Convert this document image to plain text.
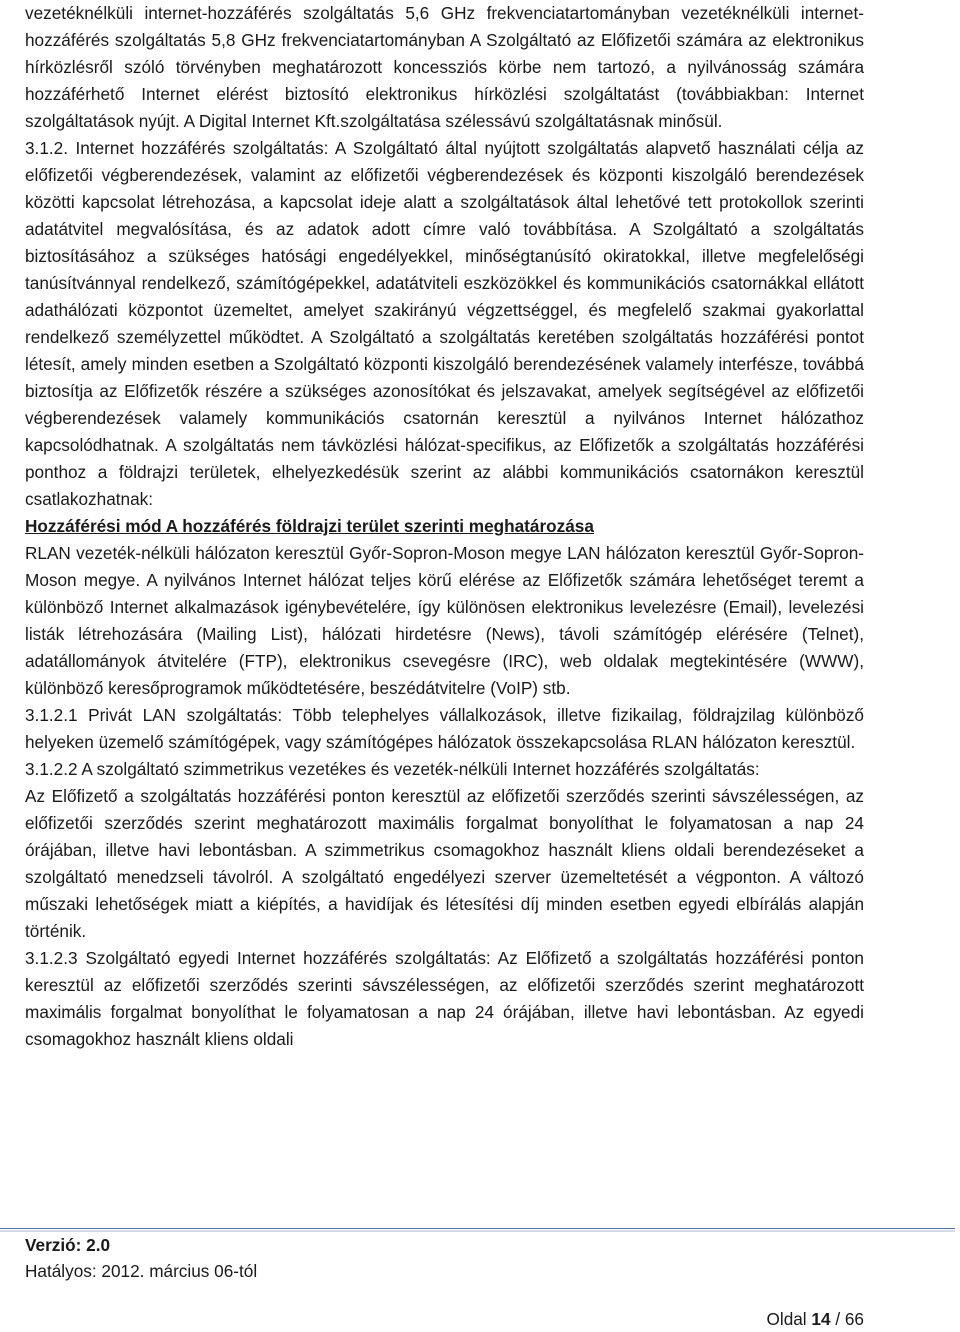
vezetéknélküli internet-hozzáférés szolgáltatás 5,6 GHz frekvenciatartományban vezetéknélküli internet-hozzáférés szolgáltatás 5,8 GHz frekvenciatartományban A Szolgáltató az Előfizetői számára az elektronikus hírközlésről szóló törvényben meghatározott koncessziós körbe nem tartozó, a nyilvánosság számára hozzáférhető Internet elérést biztosító elektronikus hírközlési szolgáltatást (továbbiakban: Internet szolgáltatások nyújt. A Digital Internet Kft.szolgáltatása szélessávú szolgáltatásnak minősül.

3.1.2. Internet hozzáférés szolgáltatás: A Szolgáltató által nyújtott szolgáltatás alapvető használati célja az előfizetői végberendezések, valamint az előfizetői végberendezések és központi kiszolgáló berendezések közötti kapcsolat létrehozása, a kapcsolat ideje alatt a szolgáltatások által lehetővé tett protokollok szerinti adatátvitel megvalósítása, és az adatok adott címre való továbbítása. A Szolgáltató a szolgáltatás biztosításához a szükséges hatósági engedélyekkel, minőségtanúsító okiratokkal, illetve megfelelőségi tanúsítvánnyal rendelkező, számítógépekkel, adatátviteli eszközökkel és kommunikációs csatornákkal ellátott adathálózati központot üzemeltet, amelyet szakirányú végzettséggel, és megfelelő szakmai gyakorlattal rendelkező személyzettel működtet. A Szolgáltató a szolgáltatás keretében szolgáltatás hozzáférési pontot létesít, amely minden esetben a Szolgáltató központi kiszolgáló berendezésének valamely interfésze, továbbá biztosítja az Előfizetők részére a szükséges azonosítókat és jelszavakat, amelyek segítségével az előfizetői végberendezések valamely kommunikációs csatornán keresztül a nyilvános Internet hálózathoz kapcsolódhatnak. A szolgáltatás nem távközlési hálózat-specifikus, az Előfizetők a szolgáltatás hozzáférési ponthoz a földrajzi területek, elhelyezkedésük szerint az alábbi kommunikációs csatornákon keresztül csatlakozhatnak:

Hozzáférési mód A hozzáférés földrajzi terület szerinti meghatározása

RLAN vezeték-nélküli hálózaton keresztül Győr-Sopron-Moson megye LAN hálózaton keresztül Győr-Sopron-Moson megye. A nyilvános Internet hálózat teljes körű elérése az Előfizetők számára lehetőséget teremt a különböző Internet alkalmazások igénybevételére, így különösen elektronikus levelezésre (Email), levelezési listák létrehozására (Mailing List), hálózati hirdetésre (News), távoli számítógép elérésére (Telnet), adatállományok átvitelére (FTP), elektronikus csevegésre (IRC), web oldalak megtekintésére (WWW), különböző keresőprogramok működtetésére, beszédátvitelre (VoIP) stb.

3.1.2.1 Privát LAN szolgáltatás: Több telephelyes vállalkozások, illetve fizikailag, földrajzilag különböző helyeken üzemelő számítógépek, vagy számítógépes hálózatok összekapcsolása RLAN hálózaton keresztül.

3.1.2.2 A szolgáltató szimmetrikus vezetékes és vezeték-nélküli Internet hozzáférés szolgáltatás:

Az Előfizető a szolgáltatás hozzáférési ponton keresztül az előfizetői szerződés szerinti sávszélességen, az előfizetői szerződés szerint meghatározott maximális forgalmat bonyolíthat le folyamatosan a nap 24 órájában, illetve havi lebontásban. A szimmetrikus csomagokhoz használt kliens oldali berendezéseket a szolgáltató menedzseli távolról. A szolgáltató engedélyezi szerver üzemeltetését a végponton. A változó műszaki lehetőségek miatt a kiépítés, a havidíjak és létesítési díj minden esetben egyedi elbírálás alapján történik.

3.1.2.3 Szolgáltató egyedi Internet hozzáférés szolgáltatás: Az Előfizető a szolgáltatás hozzáférési ponton keresztül az előfizetői szerződés szerinti sávszélességen, az előfizetői szerződés szerint meghatározott maximális forgalmat bonyolíthat le folyamatosan a nap 24 órájában, illetve havi lebontásban. Az egyedi csomagokhoz használt kliens oldali

Verzió: 2.0
Hatályos: 2012. március 06-tól
Oldal 14 / 66
